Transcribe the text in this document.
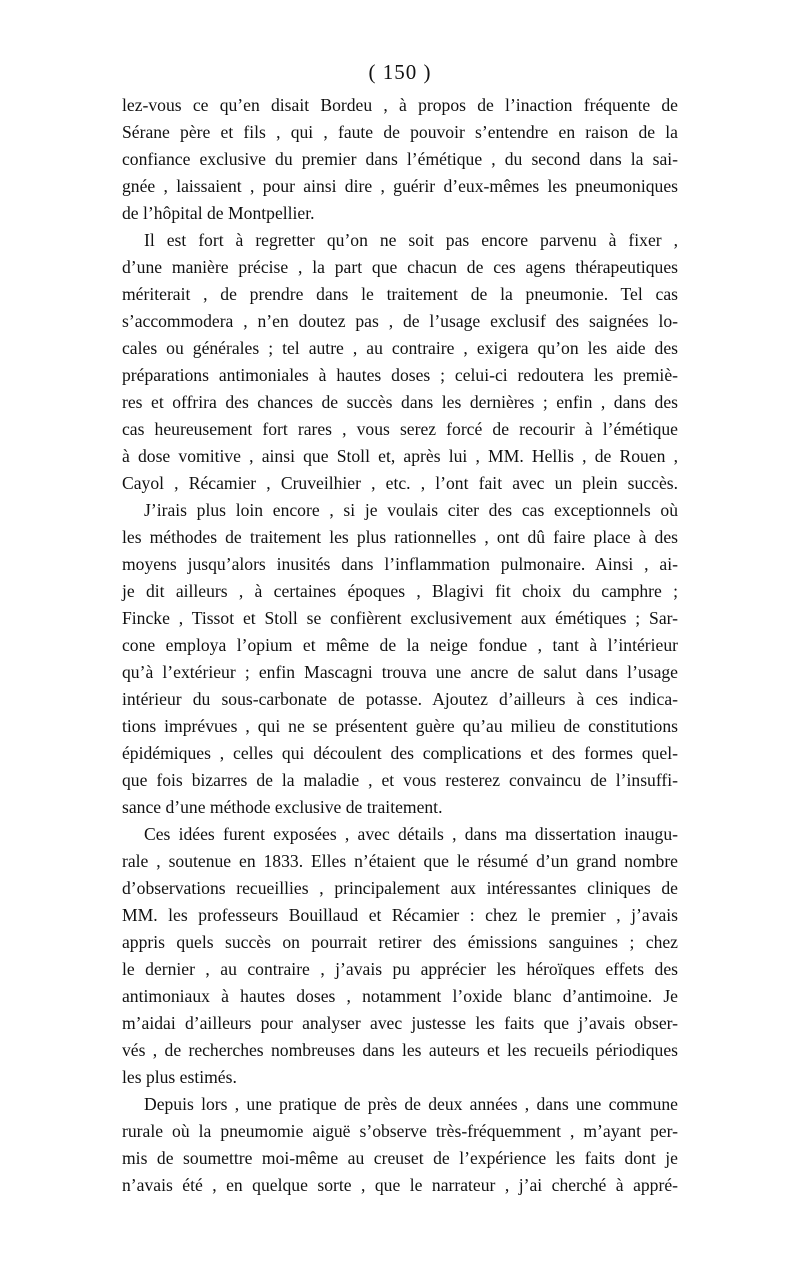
( 150 )
lez-vous ce qu’en disait Bordeu , à propos de l’inaction fréquente de
Sérane père et fils , qui , faute de pouvoir s’entendre en raison de la
confiance exclusive du premier dans l’émétique , du second dans la sai-
gnée , laissaient , pour ainsi dire , guérir d’eux-mêmes les pneumoniques
de l’hôpital de Montpellier.
Il est fort à regretter qu’on ne soit pas encore parvenu à fixer ,
d’une manière précise , la part que chacun de ces agens thérapeutiques
mériterait , de prendre dans le traitement de la pneumonie. Tel cas
s’accommodera , n’en doutez pas , de l’usage exclusif des saignées lo-
cales ou générales ; tel autre , au contraire , exigera qu’on les aide des
préparations antimoniales à hautes doses ; celui-ci redoutera les premiè-
res et offrira des chances de succès dans les dernières ; enfin , dans des
cas heureusement fort rares , vous serez forcé de recourir à l’émétique
à dose vomitive , ainsi que Stoll et, après lui , MM. Hellis , de Rouen ,
Cayol , Récamier , Cruveilhier , etc. , l’ont fait avec un plein succès.
J’irais plus loin encore , si je voulais citer des cas exceptionnels où
les méthodes de traitement les plus rationnelles , ont dû faire place à des
moyens jusqu’alors inusités dans l’inflammation pulmonaire. Ainsi , ai-
je dit ailleurs , à certaines époques , Blagivi fit choix du camphre ;
Fincke , Tissot et Stoll se confièrent exclusivement aux émétiques ; Sar-
cone employa l’opium et même de la neige fondue , tant à l’intérieur
qu’à l’extérieur ; enfin Mascagni trouva une ancre de salut dans l’usage
intérieur du sous-carbonate de potasse. Ajoutez d’ailleurs à ces indica-
tions imprévues , qui ne se présentent guère qu’au milieu de constitutions
épidémiques , celles qui découlent des complications et des formes quel-
que fois bizarres de la maladie , et vous resterez convaincu de l’insuffi-
sance d’une méthode exclusive de traitement.
Ces idées furent exposées , avec détails , dans ma dissertation inaugu-
rale , soutenue en 1833. Elles n’étaient que le résumé d’un grand nombre
d’observations recueillies , principalement aux intéressantes cliniques de
MM. les professeurs Bouillaud et Récamier : chez le premier , j’avais
appris quels succès on pourrait retirer des émissions sanguines ; chez
le dernier , au contraire , j’avais pu apprécier les héroïques effets des
antimoniaux à hautes doses , notamment l’oxide blanc d’antimoine. Je
m’aidai d’ailleurs pour analyser avec justesse les faits que j’avais obser-
vés , de recherches nombreuses dans les auteurs et les recueils périodiques
les plus estimés.
Depuis lors , une pratique de près de deux années , dans une commune
rurale où la pneumomie aiguë s’observe très-fréquemment , m’ayant per-
mis de soumettre moi-même au creuset de l’expérience les faits dont je
n’avais été , en quelque sorte , que le narrateur , j’ai cherché à appré-
